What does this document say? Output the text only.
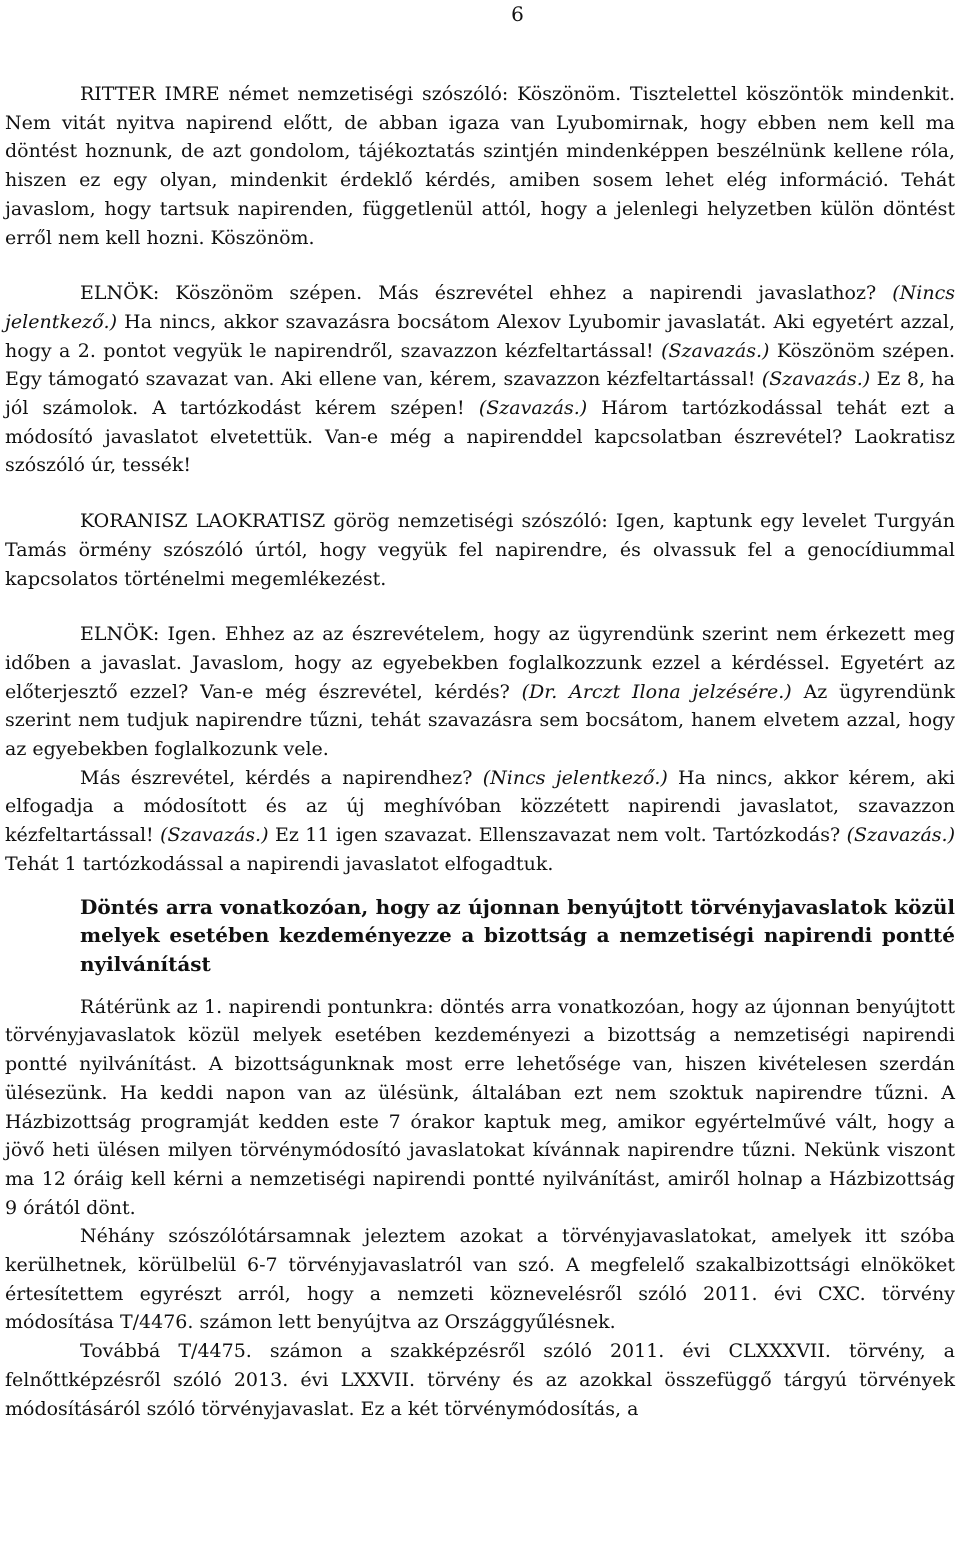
6

RITTER IMRE német nemzetiségi szószóló: Köszönöm. Tisztelettel köszöntök mindenkit. Nem vitát nyitva napirend előtt, de abban igaza van Lyubomirnak, hogy ebben nem kell ma döntést hoznunk, de azt gondolom, tájékoztatás szintjén mindenképpen beszélnünk kellene róla, hiszen ez egy olyan, mindenkit érdeklő kérdés, amiben sosem lehet elég információ. Tehát javaslom, hogy tartsuk napirenden, függetlenül attól, hogy a jelenlegi helyzetben külön döntést erről nem kell hozni. Köszönöm.

ELNÖK: Köszönöm szépen. Más észrevétel ehhez a napirendi javaslathoz? (Nincs jelentkező.) Ha nincs, akkor szavazásra bocsátom Alexov Lyubomir javaslatát. Aki egyetért azzal, hogy a 2. pontot vegyük le napirendről, szavazzon kézfeltartással! (Szavazás.) Köszönöm szépen. Egy támogató szavazat van. Aki ellene van, kérem, szavazzon kézfeltartással! (Szavazás.) Ez 8, ha jól számolok. A tartózkodást kérem szépen! (Szavazás.) Három tartózkodással tehát ezt a módosító javaslatot elvetettük. Van-e még a napirenddel kapcsolatban észrevétel? Laokratisz szószóló úr, tessék!

KORANISZ LAOKRATISZ görög nemzetiségi szószóló: Igen, kaptunk egy levelet Turgyán Tamás örmény szószóló úrtól, hogy vegyük fel napirendre, és olvassuk fel a genocídiummal kapcsolatos történelmi megemlékezést.

ELNÖK: Igen. Ehhez az az észrevételem, hogy az ügyrendünk szerint nem érkezett meg időben a javaslat. Javaslom, hogy az egyebekben foglalkozzunk ezzel a kérdéssel. Egyetért az előterjesztő ezzel? Van-e még észrevétel, kérdés? (Dr. Arczt Ilona jelzésére.) Az ügyrendünk szerint nem tudjuk napirendre tűzni, tehát szavazásra sem bocsátom, hanem elvetem azzal, hogy az egyebekben foglalkozunk vele.

Más észrevétel, kérdés a napirendhez? (Nincs jelentkező.) Ha nincs, akkor kérem, aki elfogadja a módosított és az új meghívóban közzétett napirendi javaslatot, szavazzon kézfeltartással! (Szavazás.) Ez 11 igen szavazat. Ellenszavazat nem volt. Tartózkodás? (Szavazás.) Tehát 1 tartózkodással a napirendi javaslatot elfogadtuk.

Döntés arra vonatkozóan, hogy az újonnan benyújtott törvényjavaslatok közül melyek esetében kezdeményezze a bizottság a nemzetiségi napirendi pontté nyilvánítást

Rátérünk az 1. napirendi pontunkra: döntés arra vonatkozóan, hogy az újonnan benyújtott törvényjavaslatok közül melyek esetében kezdeményezi a bizottság a nemzetiségi napirendi pontté nyilvánítást. A bizottságunknak most erre lehetősége van, hiszen kivételesen szerdán ülésezünk. Ha keddi napon van az ülésünk, általában ezt nem szoktuk napirendre tűzni. A Házbizottság programját kedden este 7 órakor kaptuk meg, amikor egyértelművé vált, hogy a jövő heti ülésen milyen törvénymódosító javaslatokat kívánnak napirendre tűzni. Nekünk viszont ma 12 óráig kell kérni a nemzetiségi napirendi pontté nyilvánítást, amiről holnap a Házbizottság 9 órától dönt.

Néhány szószólótársamnak jeleztem azokat a törvényjavaslatokat, amelyek itt szóba kerülhetnek, körülbelül 6-7 törvényjavaslatról van szó. A megfelelő szakalbizottsági elnököket értesítettem egyrészt arról, hogy a nemzeti köznevelésről szóló 2011. évi CXC. törvény módosítása T/4476. számon lett benyújtva az Országgyűlésnek.

Továbbá T/4475. számon a szakképzésről szóló 2011. évi CLXXXVII. törvény, a felnőttképzésről szóló 2013. évi LXXVII. törvény és az azokkal összefüggő tárgyú törvények módosításáról szóló törvényjavaslat. Ez a két törvénymódosítás, a
